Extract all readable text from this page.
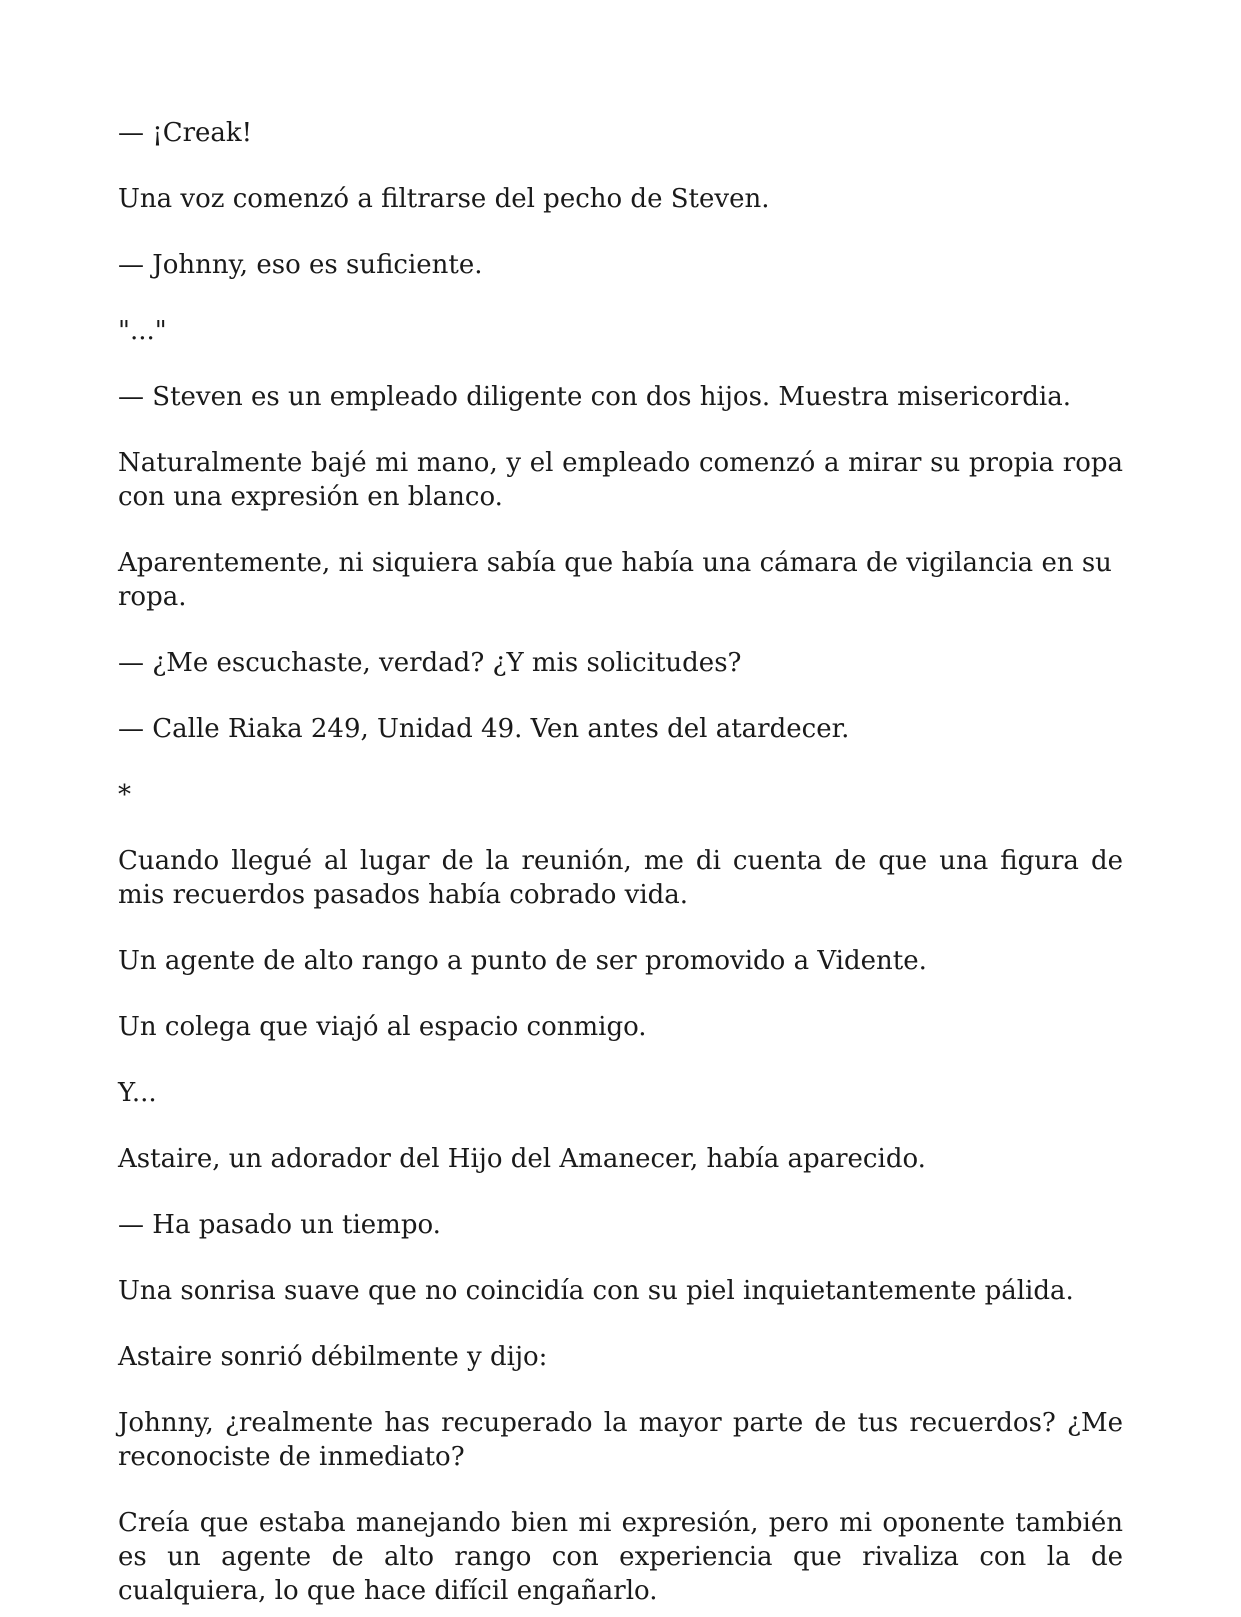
— ¡Creak!

Una voz comenzó a filtrarse del pecho de Steven.

— Johnny, eso es suficiente.

"..."

— Steven es un empleado diligente con dos hijos. Muestra misericordia.

Naturalmente bajé mi mano, y el empleado comenzó a mirar su propia ropa con una expresión en blanco.

Aparentemente, ni siquiera sabía que había una cámara de vigilancia en su ropa.

— ¿Me escuchaste, verdad? ¿Y mis solicitudes?

— Calle Riaka 249, Unidad 49. Ven antes del atardecer.

*

Cuando llegué al lugar de la reunión, me di cuenta de que una figura de mis recuerdos pasados había cobrado vida.

Un agente de alto rango a punto de ser promovido a Vidente.

Un colega que viajó al espacio conmigo.

Y...

Astaire, un adorador del Hijo del Amanecer, había aparecido.

— Ha pasado un tiempo.

Una sonrisa suave que no coincidía con su piel inquietantemente pálida.

Astaire sonrió débilmente y dijo:

Johnny, ¿realmente has recuperado la mayor parte de tus recuerdos? ¿Me reconociste de inmediato?

Creía que estaba manejando bien mi expresión, pero mi oponente también es un agente de alto rango con experiencia que rivaliza con la de cualquiera, lo que hace difícil engañarlo.
